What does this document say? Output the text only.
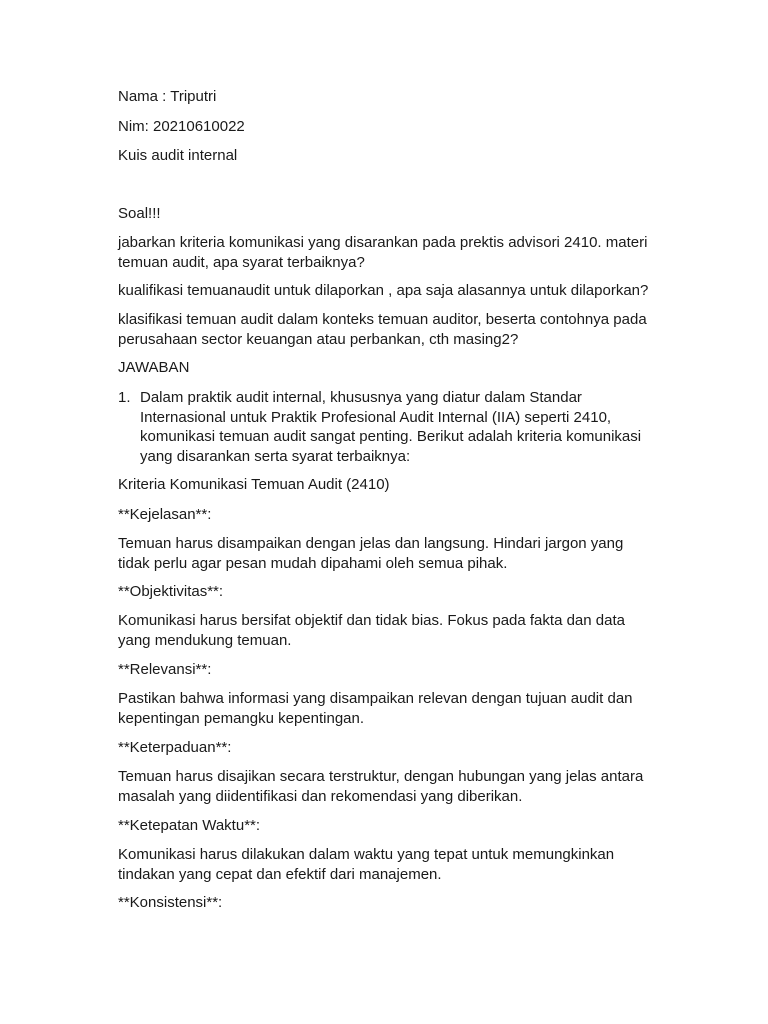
Nama : Triputri

Nim: 20210610022

Kuis audit internal

Soal!!!

jabarkan kriteria komunikasi yang disarankan pada prektis advisori 2410. materi
temuan audit, apa syarat terbaiknya?

kualifikasi temuanaudit untuk dilaporkan , apa saja alasannya untuk dilaporkan?

klasifikasi temuan audit dalam konteks temuan auditor, beserta contohnya pada
perusahaan sector keuangan atau perbankan, cth masing2?

JAWABAN

1. Dalam praktik audit internal, khususnya yang diatur dalam Standar
Internasional untuk Praktik Profesional Audit Internal (IIA) seperti 2410,
komunikasi temuan audit sangat penting. Berikut adalah kriteria komunikasi
yang disarankan serta syarat terbaiknya:

Kriteria Komunikasi Temuan Audit (2410)

**Kejelasan**:

Temuan harus disampaikan dengan jelas dan langsung. Hindari jargon yang
tidak perlu agar pesan mudah dipahami oleh semua pihak.

**Objektivitas**:

Komunikasi harus bersifat objektif dan tidak bias. Fokus pada fakta dan data
yang mendukung temuan.

**Relevansi**:

Pastikan bahwa informasi yang disampaikan relevan dengan tujuan audit dan
kepentingan pemangku kepentingan.

**Keterpaduan**:

Temuan harus disajikan secara terstruktur, dengan hubungan yang jelas antara
masalah yang diidentifikasi dan rekomendasi yang diberikan.

**Ketepatan Waktu**:

Komunikasi harus dilakukan dalam waktu yang tepat untuk memungkinkan
tindakan yang cepat dan efektif dari manajemen.

**Konsistensi**:
